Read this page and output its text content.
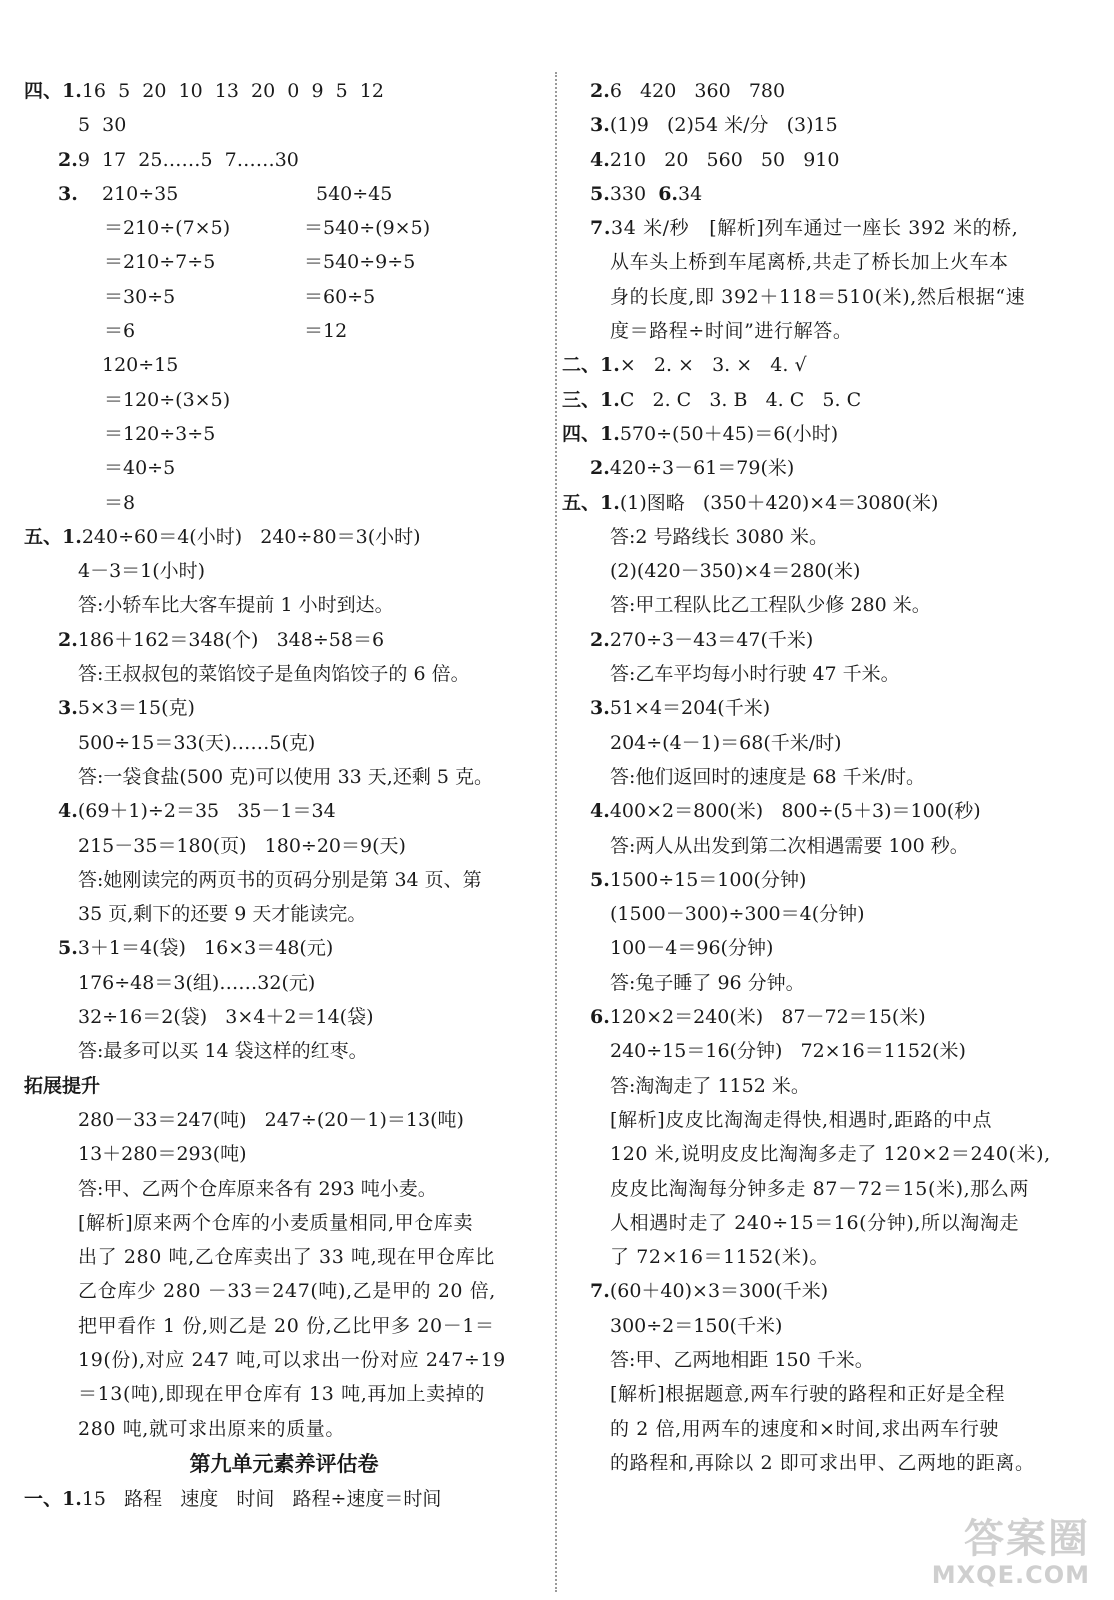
四、1.16  5  20  10  13  20  0  9  5  12
5  30
2.9  17  25……5  7……30
3. 210÷35	540÷45
＝210÷(7×5)	＝540÷(9×5)
＝210÷7÷5	＝540÷9÷5
＝30÷5	＝60÷5
＝6	＝12
120÷15
＝120÷(3×5)
＝120÷3÷5
＝40÷5
＝8
五、1.240÷60＝4(小时)   240÷80＝3(小时)
4－3＝1(小时)
答:小轿车比大客车提前 1 小时到达。
2.186＋162＝348(个)   348÷58＝6
答:王叔叔包的菜馅饺子是鱼肉馅饺子的 6 倍。
3.5×3＝15(克)
500÷15＝33(天)……5(克)
答:一袋食盐(500 克)可以使用 33 天,还剩 5 克。
4.(69＋1)÷2＝35   35－1＝34
215－35＝180(页)   180÷20＝9(天)
答:她刚读完的两页书的页码分别是第 34 页、第
35 页,剩下的还要 9 天才能读完。
5.3＋1＝4(袋)   16×3＝48(元)
176÷48＝3(组)……32(元)
32÷16＝2(袋)   3×4＋2＝14(袋)
答:最多可以买 14 袋这样的红枣。
拓展提升
280－33＝247(吨)   247÷(20－1)＝13(吨)
13＋280＝293(吨)
答:甲、乙两个仓库原来各有 293 吨小麦。
[解析]原来两个仓库的小麦质量相同,甲仓库卖
出了 280 吨,乙仓库卖出了 33 吨,现在甲仓库比
乙仓库少 280 －33＝247(吨),乙是甲的 20 倍,
把甲看作 1 份,则乙是 20 份,乙比甲多 20－1＝
19(份),对应 247 吨,可以求出一份对应 247÷19
＝13(吨),即现在甲仓库有 13 吨,再加上卖掉的
280 吨,就可求出原来的质量。
第九单元素养评估卷
一、1.15   路程   速度   时间   路程÷速度＝时间
2.6   420   360   780
3.(1)9   (2)54 米/分   (3)15
4.210   20   560   50   910
5.330 6.34
7.34 米/秒   [解析]列车通过一座长 392 米的桥,
从车头上桥到车尾离桥,共走了桥长加上火车本
身的长度,即 392＋118＝510(米),然后根据“速
度＝路程÷时间”进行解答。
二、1.×   2. ×   3. ×   4. √
三、1.C   2. C   3. B   4. C   5. C
四、1.570÷(50＋45)＝6(小时)
2.420÷3－61＝79(米)
五、1.(1)图略   (350＋420)×4＝3080(米)
答:2 号路线长 3080 米。
(2)(420－350)×4＝280(米)
答:甲工程队比乙工程队少修 280 米。
2.270÷3－43＝47(千米)
答:乙车平均每小时行驶 47 千米。
3.51×4＝204(千米)
204÷(4－1)＝68(千米/时)
答:他们返回时的速度是 68 千米/时。
4.400×2＝800(米)   800÷(5＋3)＝100(秒)
答:两人从出发到第二次相遇需要 100 秒。
5.1500÷15＝100(分钟)
(1500－300)÷300＝4(分钟)
100－4＝96(分钟)
答:兔子睡了 96 分钟。
6.120×2＝240(米)   87－72＝15(米)
240÷15＝16(分钟)   72×16＝1152(米)
答:淘淘走了 1152 米。
[解析]皮皮比淘淘走得快,相遇时,距路的中点
120 米,说明皮皮比淘淘多走了 120×2＝240(米),
皮皮比淘淘每分钟多走 87－72＝15(米),那么两
人相遇时走了 240÷15＝16(分钟),所以淘淘走
了 72×16＝1152(米)。
7.(60＋40)×3＝300(千米)
300÷2＝150(千米)
答:甲、乙两地相距 150 千米。
[解析]根据题意,两车行驶的路程和正好是全程
的 2 倍,用两车的速度和×时间,求出两车行驶
的路程和,再除以 2 即可求出甲、乙两地的距离。
答案圈
MXQE.COM
